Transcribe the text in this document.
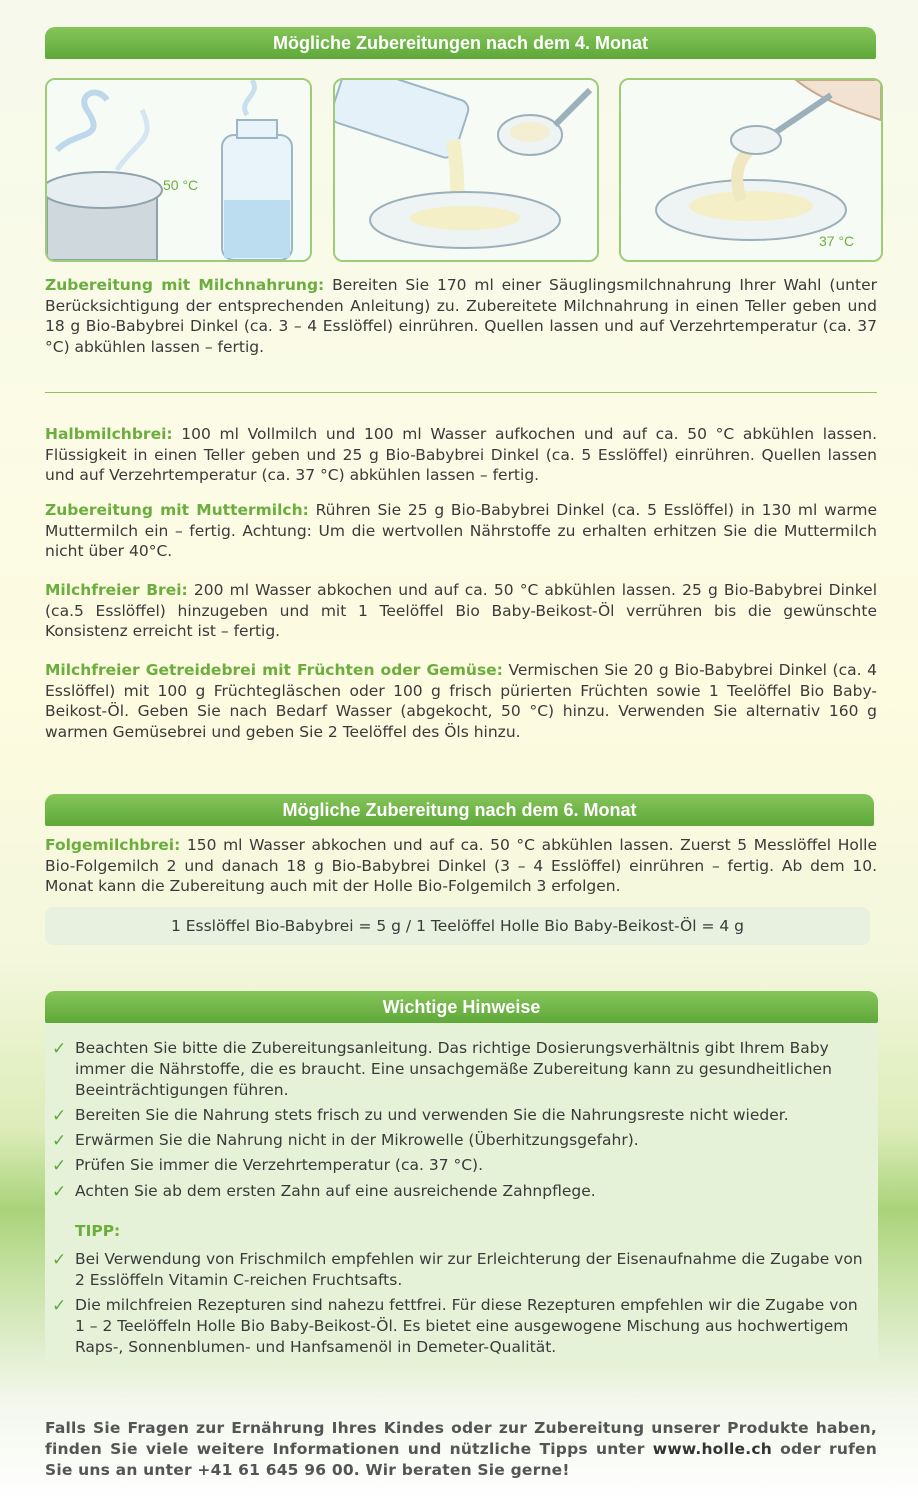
Mögliche Zubereitungen nach dem 4. Monat
50 °C
37 °C

Zubereitung mit Milchnahrung: Bereiten Sie 170 ml einer Säuglingsmilchnahrung Ihrer Wahl (unter Berücksichtigung der entsprechenden Anleitung) zu. Zubereitete Milchnahrung in einen Teller geben und 18 g Bio-Babybrei Dinkel (ca. 3 – 4 Esslöffel) einrühren. Quellen lassen und auf Verzehrtemperatur (ca. 37 °C) abkühlen lassen – fertig.

Halbmilchbrei: 100 ml Vollmilch und 100 ml Wasser aufkochen und auf ca. 50 °C abkühlen lassen. Flüssigkeit in einen Teller geben und 25 g Bio-Babybrei Dinkel (ca. 5 Esslöffel) einrühren. Quellen lassen und auf Verzehrtemperatur (ca. 37 °C) abkühlen lassen – fertig.

Zubereitung mit Muttermilch: Rühren Sie 25 g Bio-Babybrei Dinkel (ca. 5 Esslöffel) in 130 ml warme Muttermilch ein – fertig. Achtung: Um die wertvollen Nährstoffe zu erhalten erhitzen Sie die Muttermilch nicht über 40°C.

Milchfreier Brei: 200 ml Wasser abkochen und auf ca. 50 °C abkühlen lassen. 25 g Bio-Babybrei Dinkel (ca.5 Esslöffel) hinzugeben und mit 1 Teelöffel Bio Baby-Beikost-Öl verrühren bis die gewünschte Konsistenz erreicht ist – fertig.

Milchfreier Getreidebrei mit Früchten oder Gemüse: Vermischen Sie 20 g Bio-Babybrei Dinkel (ca. 4 Esslöffel) mit 100 g Früchtegläschen oder 100 g frisch pürierten Früchten sowie 1 Teelöffel Bio Baby-Beikost-Öl. Geben Sie nach Bedarf Wasser (abgekocht, 50 °C) hinzu. Verwenden Sie alternativ 160 g warmen Gemüsebrei und geben Sie 2 Teelöffel des Öls hinzu.

Mögliche Zubereitung nach dem 6. Monat

Folgemilchbrei: 150 ml Wasser abkochen und auf ca. 50 °C abkühlen lassen. Zuerst 5 Messlöffel Holle Bio-Folgemilch 2 und danach 18 g Bio-Babybrei Dinkel (3 – 4 Esslöffel) einrühren – fertig. Ab dem 10. Monat kann die Zubereitung auch mit der Holle Bio-Folgemilch 3 erfolgen.

1 Esslöffel Bio-Babybrei = 5 g / 1 Teelöffel Holle Bio Baby-Beikost-Öl = 4 g
Wichtige Hinweise
✓ Beachten Sie bitte die Zubereitungsanleitung. Das richtige Dosierungsverhältnis gibt Ihrem Baby immer die Nährstoffe, die es braucht. Eine unsachgemäße Zubereitung kann zu gesundheitlichen Beeinträchtigungen führen.
✓ Bereiten Sie die Nahrung stets frisch zu und verwenden Sie die Nahrungsreste nicht wieder.
✓ Erwärmen Sie die Nahrung nicht in der Mikrowelle (Überhitzungsgefahr).
✓ Prüfen Sie immer die Verzehrtemperatur (ca. 37 °C).
✓ Achten Sie ab dem ersten Zahn auf eine ausreichende Zahnpflege.
TIPP:
✓ Bei Verwendung von Frischmilch empfehlen wir zur Erleichterung der Eisenaufnahme die Zugabe von 2 Esslöffeln Vitamin C-reichen Fruchtsafts.
✓ Die milchfreien Rezepturen sind nahezu fettfrei. Für diese Rezepturen empfehlen wir die Zugabe von 1 – 2 Teelöffeln Holle Bio Baby-Beikost-Öl. Es bietet eine ausgewogene Mischung aus hochwertigem Raps-, Sonnenblumen- und Hanfsamenöl in Demeter-Qualität.

Falls Sie Fragen zur Ernährung Ihres Kindes oder zur Zubereitung unserer Produkte haben, finden Sie viele weitere Informationen und nützliche Tipps unter www.holle.ch oder rufen Sie uns an unter +41 61 645 96 00. Wir beraten Sie gerne!
